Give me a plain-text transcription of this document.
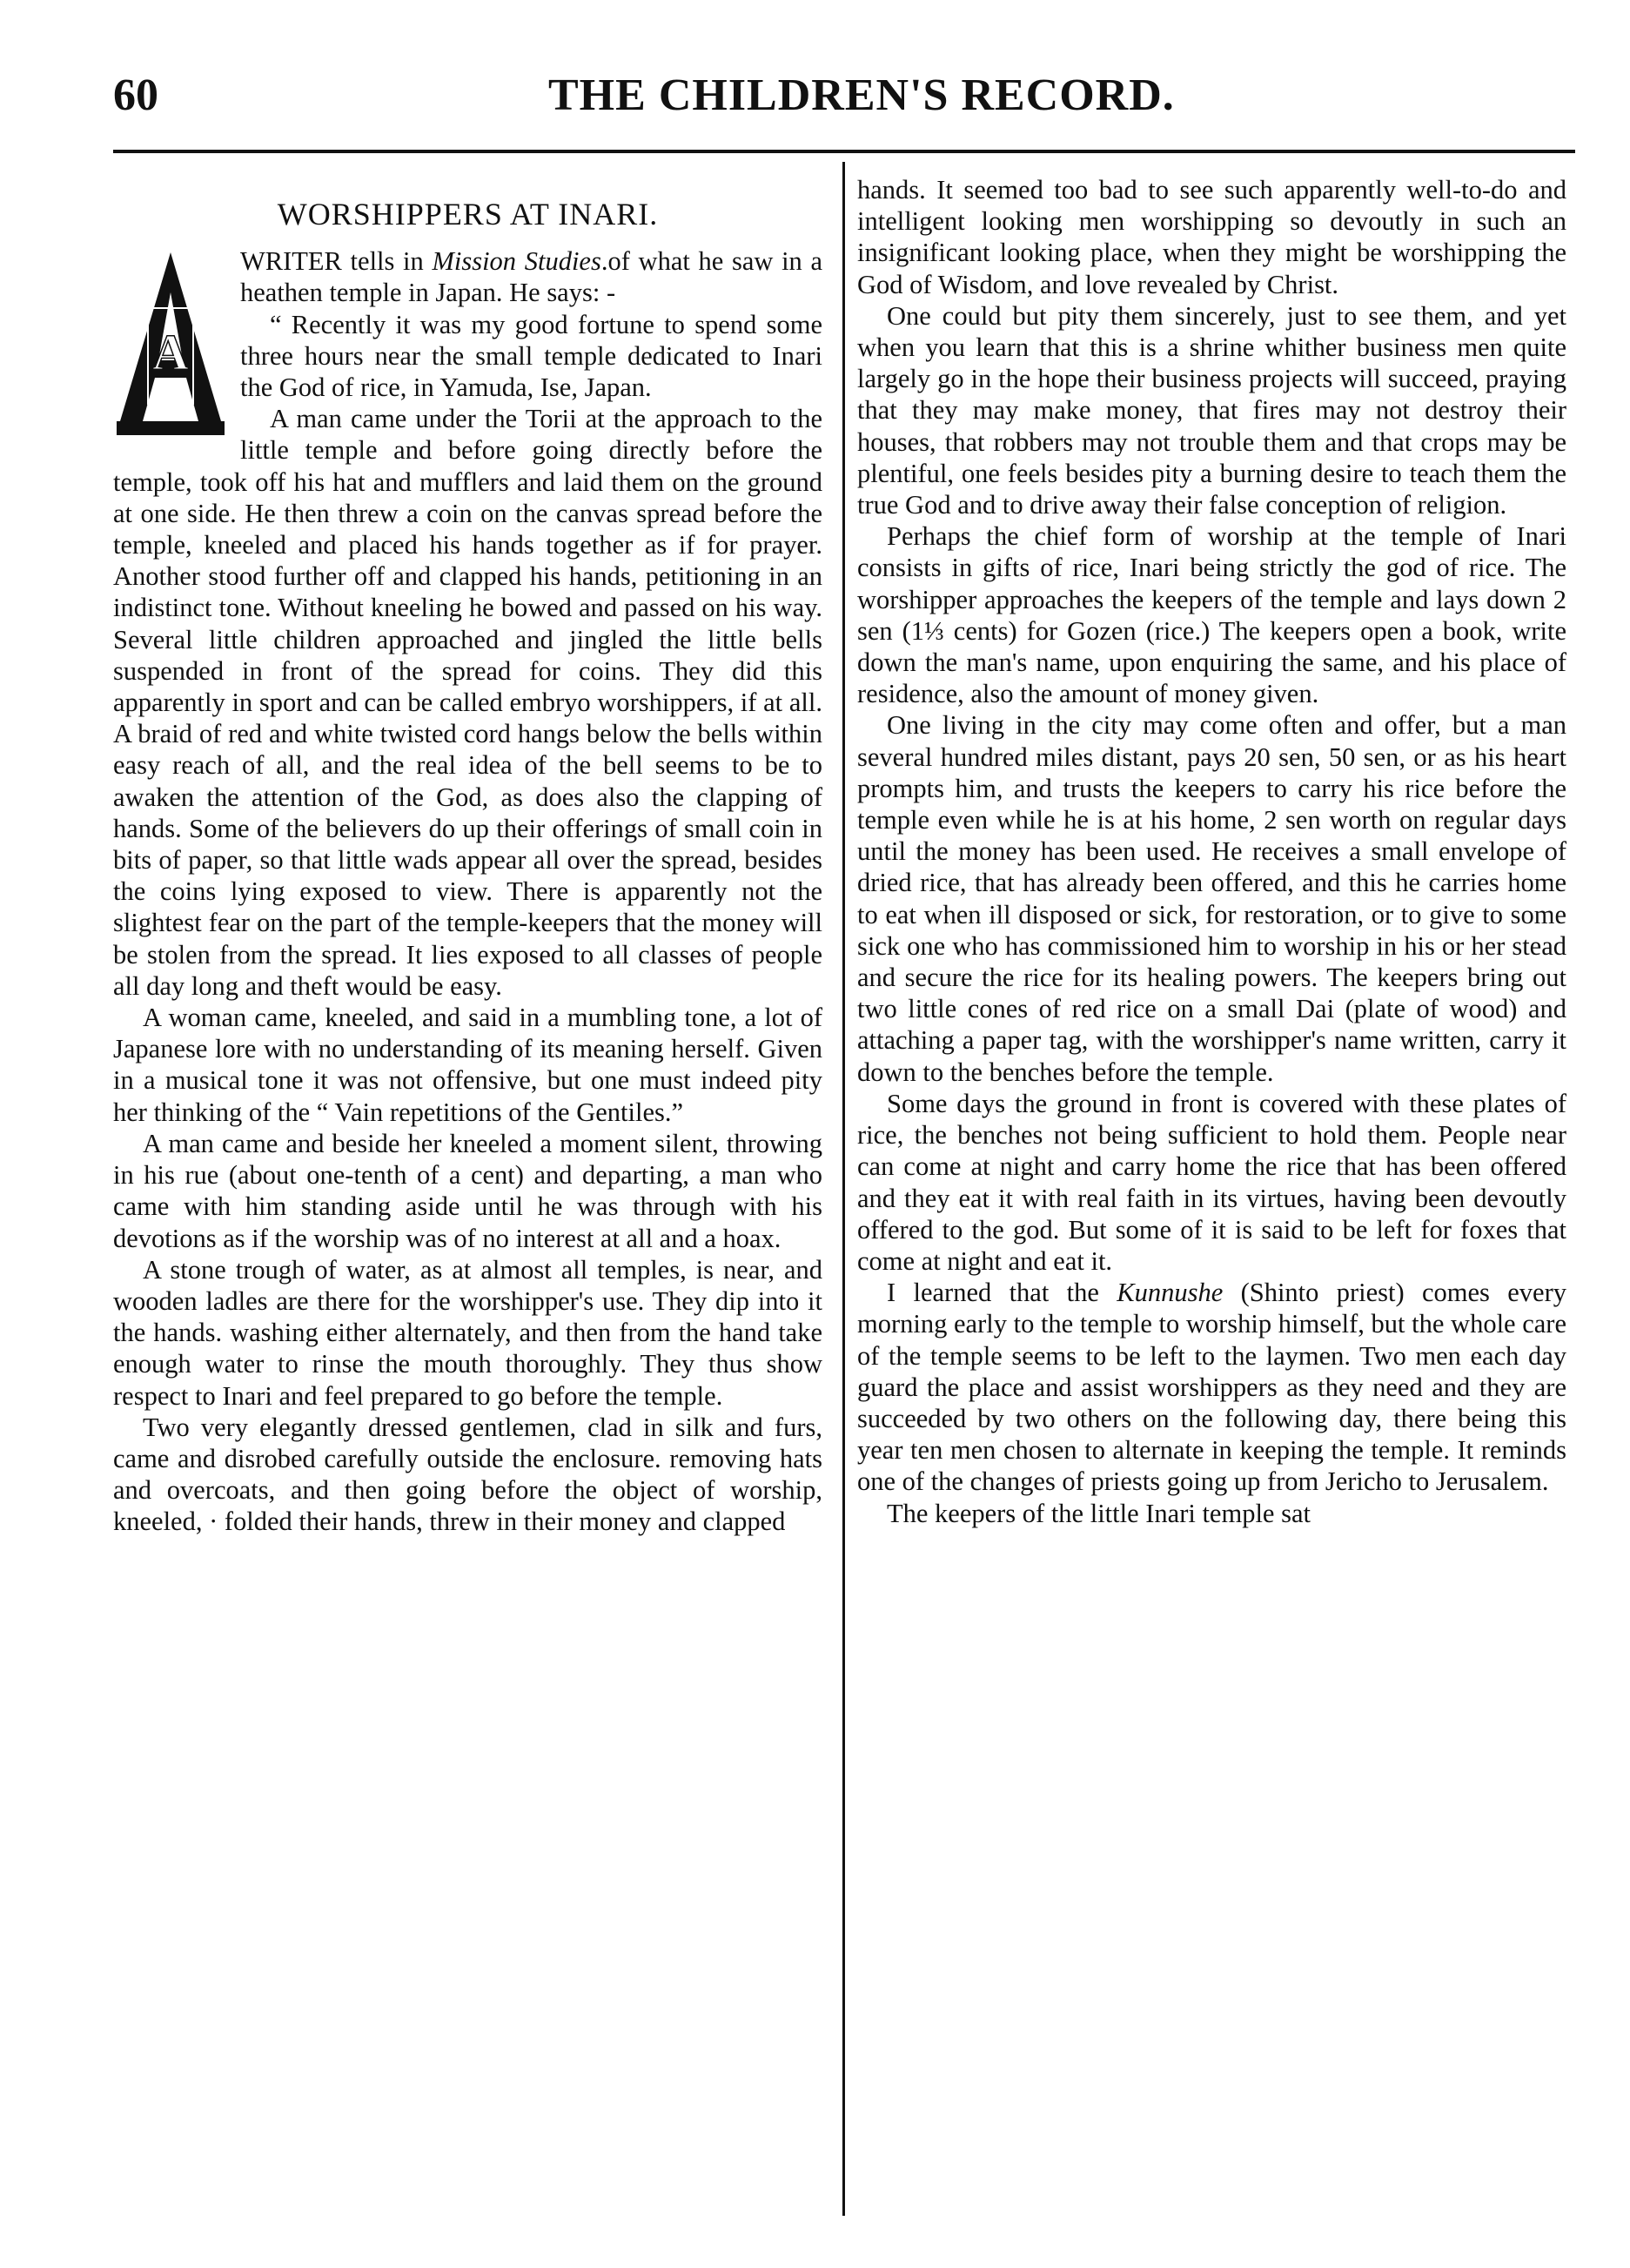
60	THE CHILDREN'S RECORD.
WORSHIPPERS AT INARI.
A

WRITER tells in Mission Studies.of what he saw in a heathen temple in Japan. He says: -

“ Recently it was my good fortune to spend some three hours near the small temple dedicated to Inari the God of rice, in Yamuda, Ise, Japan.

A man came under the Torii at the approach to the little temple and before going directly before the temple, took off his hat and mufflers and laid them on the ground at one side. He then threw a coin on the canvas spread before the temple, kneeled and placed his hands together as if for prayer. Another stood further off and clapped his hands, petitioning in an indistinct tone. Without kneeling he bowed and passed on his way. Several little children approached and jingled the little bells suspended in front of the spread for coins. They did this apparently in sport and can be called embryo worshippers, if at all. A braid of red and white twisted cord hangs below the bells within easy reach of all, and the real idea of the bell seems to be to awaken the attention of the God, as does also the clapping of hands. Some of the believers do up their offerings of small coin in bits of paper, so that little wads appear all over the spread, besides the coins lying exposed to view. There is apparently not the slightest fear on the part of the temple-keepers that the money will be stolen from the spread. It lies exposed to all classes of people all day long and theft would be easy.

A woman came, kneeled, and said in a mumbling tone, a lot of Japanese lore with no understanding of its meaning herself. Given in a musical tone it was not offensive, but one must indeed pity her thinking of the “ Vain repetitions of the Gentiles.”

A man came and beside her kneeled a moment silent, throwing in his rue (about one-tenth of a cent) and departing, a man who came with him standing aside until he was through with his devotions as if the worship was of no interest at all and a hoax.

A stone trough of water, as at almost all temples, is near, and wooden ladles are there for the worshipper's use. They dip into it the hands. washing either alternately, and then from the hand take enough water to rinse the mouth thoroughly. They thus show respect to Inari and feel prepared to go before the temple.

Two very elegantly dressed gentlemen, clad in silk and furs, came and disrobed carefully outside the enclosure. removing hats and overcoats, and then going before the object of worship, kneeled, · folded their hands, threw in their money and clapped

hands. It seemed too bad to see such apparently well-to-do and intelligent looking men worshipping so devoutly in such an insignificant looking place, when they might be worshipping the God of Wisdom, and love revealed by Christ.

One could but pity them sincerely, just to see them, and yet when you learn that this is a shrine whither business men quite largely go in the hope their business projects will succeed, praying that they may make money, that fires may not destroy their houses, that robbers may not trouble them and that crops may be plentiful, one feels besides pity a burning desire to teach them the true God and to drive away their false conception of religion.

Perhaps the chief form of worship at the temple of Inari consists in gifts of rice, Inari being strictly the god of rice. The worshipper approaches the keepers of the temple and lays down 2 sen (1⅓ cents) for Gozen (rice.) The keepers open a book, write down the man's name, upon enquiring the same, and his place of residence, also the amount of money given.

One living in the city may come often and offer, but a man several hundred miles distant, pays 20 sen, 50 sen, or as his heart prompts him, and trusts the keepers to carry his rice before the temple even while he is at his home, 2 sen worth on regular days until the money has been used. He receives a small envelope of dried rice, that has already been offered, and this he carries home to eat when ill disposed or sick, for restoration, or to give to some sick one who has commissioned him to worship in his or her stead and secure the rice for its healing powers. The keepers bring out two little cones of red rice on a small Dai (plate of wood) and attaching a paper tag, with the worshipper's name written, carry it down to the benches before the temple.

Some days the ground in front is covered with these plates of rice, the benches not being sufficient to hold them. People near can come at night and carry home the rice that has been offered and they eat it with real faith in its virtues, having been devoutly offered to the god. But some of it is said to be left for foxes that come at night and eat it.

I learned that the Kunnushe (Shinto priest) comes every morning early to the temple to worship himself, but the whole care of the temple seems to be left to the laymen. Two men each day guard the place and assist worshippers as they need and they are succeeded by two others on the following day, there being this year ten men chosen to alternate in keeping the temple. It reminds one of the changes of priests going up from Jericho to Jerusalem.

The keepers of the little Inari temple sat
